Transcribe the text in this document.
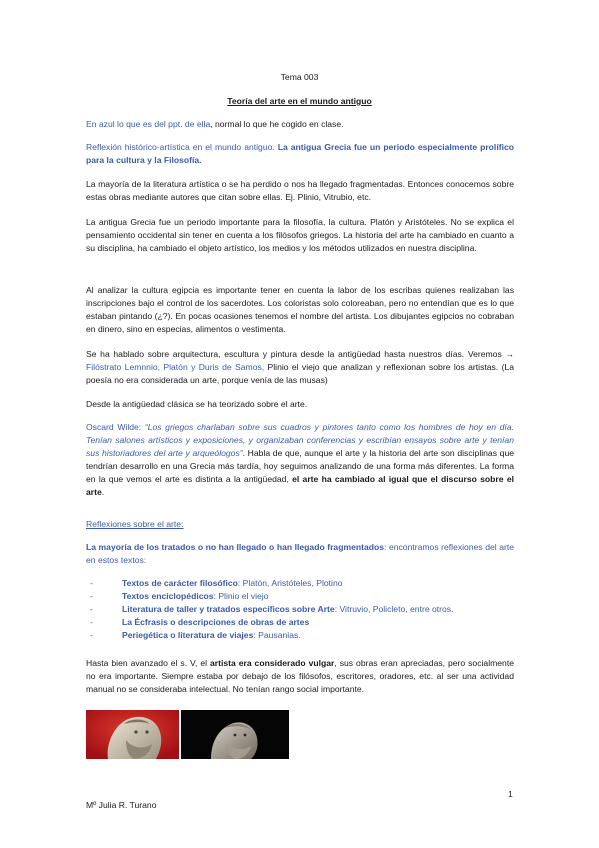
Tema 003
Teoría del arte en el mundo antiguo

En azul lo que es del ppt. de ella, normal lo que he cogido en clase.

Reflexión histórico-artística en el mundo antiguo. La antigua Grecia fue un periodo especialmente prolífico para la cultura y la Filosofía.

La mayoría de la literatura artística o se ha perdido o nos ha llegado fragmentadas. Entonces conocemos sobre estas obras mediante autores que citan sobre ellas. Ej. Plinio, Vitrubio, etc.

La antigua Grecia fue un periodo importante para la filosofía, la cultura. Platón y Aristóteles. No se explica el pensamiento occidental sin tener en cuenta a los filósofos griegos. La historia del arte ha cambiado en cuanto a su disciplina, ha cambiado el objeto artístico, los medios y los métodos utilizados en nuestra disciplina.

Al analizar la cultura egipcia es importante tener en cuenta la labor de los escribas quienes realizaban las inscripciones bajo el control de los sacerdotes. Los coloristas solo coloreaban, pero no entendían que es lo que estaban pintando (¿?). En pocas ocasiones tenemos el nombre del artista. Los dibujantes egipcios no cobraban en dinero, sino en especias, alimentos o vestimenta.

Se ha hablado sobre arquitectura, escultura y pintura desde la antigüedad hasta nuestros días. Veremos → Filóstrato Lemnnio, Platón y Duris de Samos, Plinio el viejo que analizan y reflexionan sobre los artistas. (La poesía no era considerada un arte, porque venía de las musas)

Desde la antigüedad clásica se ha teorizado sobre el arte.

Oscard Wilde: “Los griegos charlaban sobre sus cuadros y pintores tanto como los hombres de hoy en día. Tenían salones artísticos y exposiciones, y organizaban conferencias y escribían ensayos sobre arte y tenían sus historiadores del arte y arqueólogos”. Habla de que, aunque el arte y la historia del arte son disciplinas que tendrían desarrollo en una Grecia más tardía, hoy seguimos analizando de una forma más diferentes. La forma en la que vemos el arte es distinta a la antigüedad, el arte ha cambiado al igual que el discurso sobre el arte.

Reflexiones sobre el arte:

La mayoría de los tratados o no han llegado o han llegado fragmentados: encontramos reflexiones del arte en estos textos:

-	Textos de carácter filosófico: Platón, Aristóteles, Plotino
-	Textos enciclopédicos: Plinio el viejo
-	Literatura de taller y tratados específicos sobre Arte: Vitruvio, Policleto, entre otros.
-	La Écfrasis o descripciones de obras de artes
-	Periegética o literatura de viajes: Pausanias.

Hasta bien avanzado el s. V, el artista era considerado vulgar, sus obras eran apreciadas, pero socialmente no era importante. Siempre estaba por debajo de los filósofos, escritores, oradores, etc. al ser una actividad manual no se consideraba intelectual. No tenían rango social importante.

1
Mº Julia R. Turano
